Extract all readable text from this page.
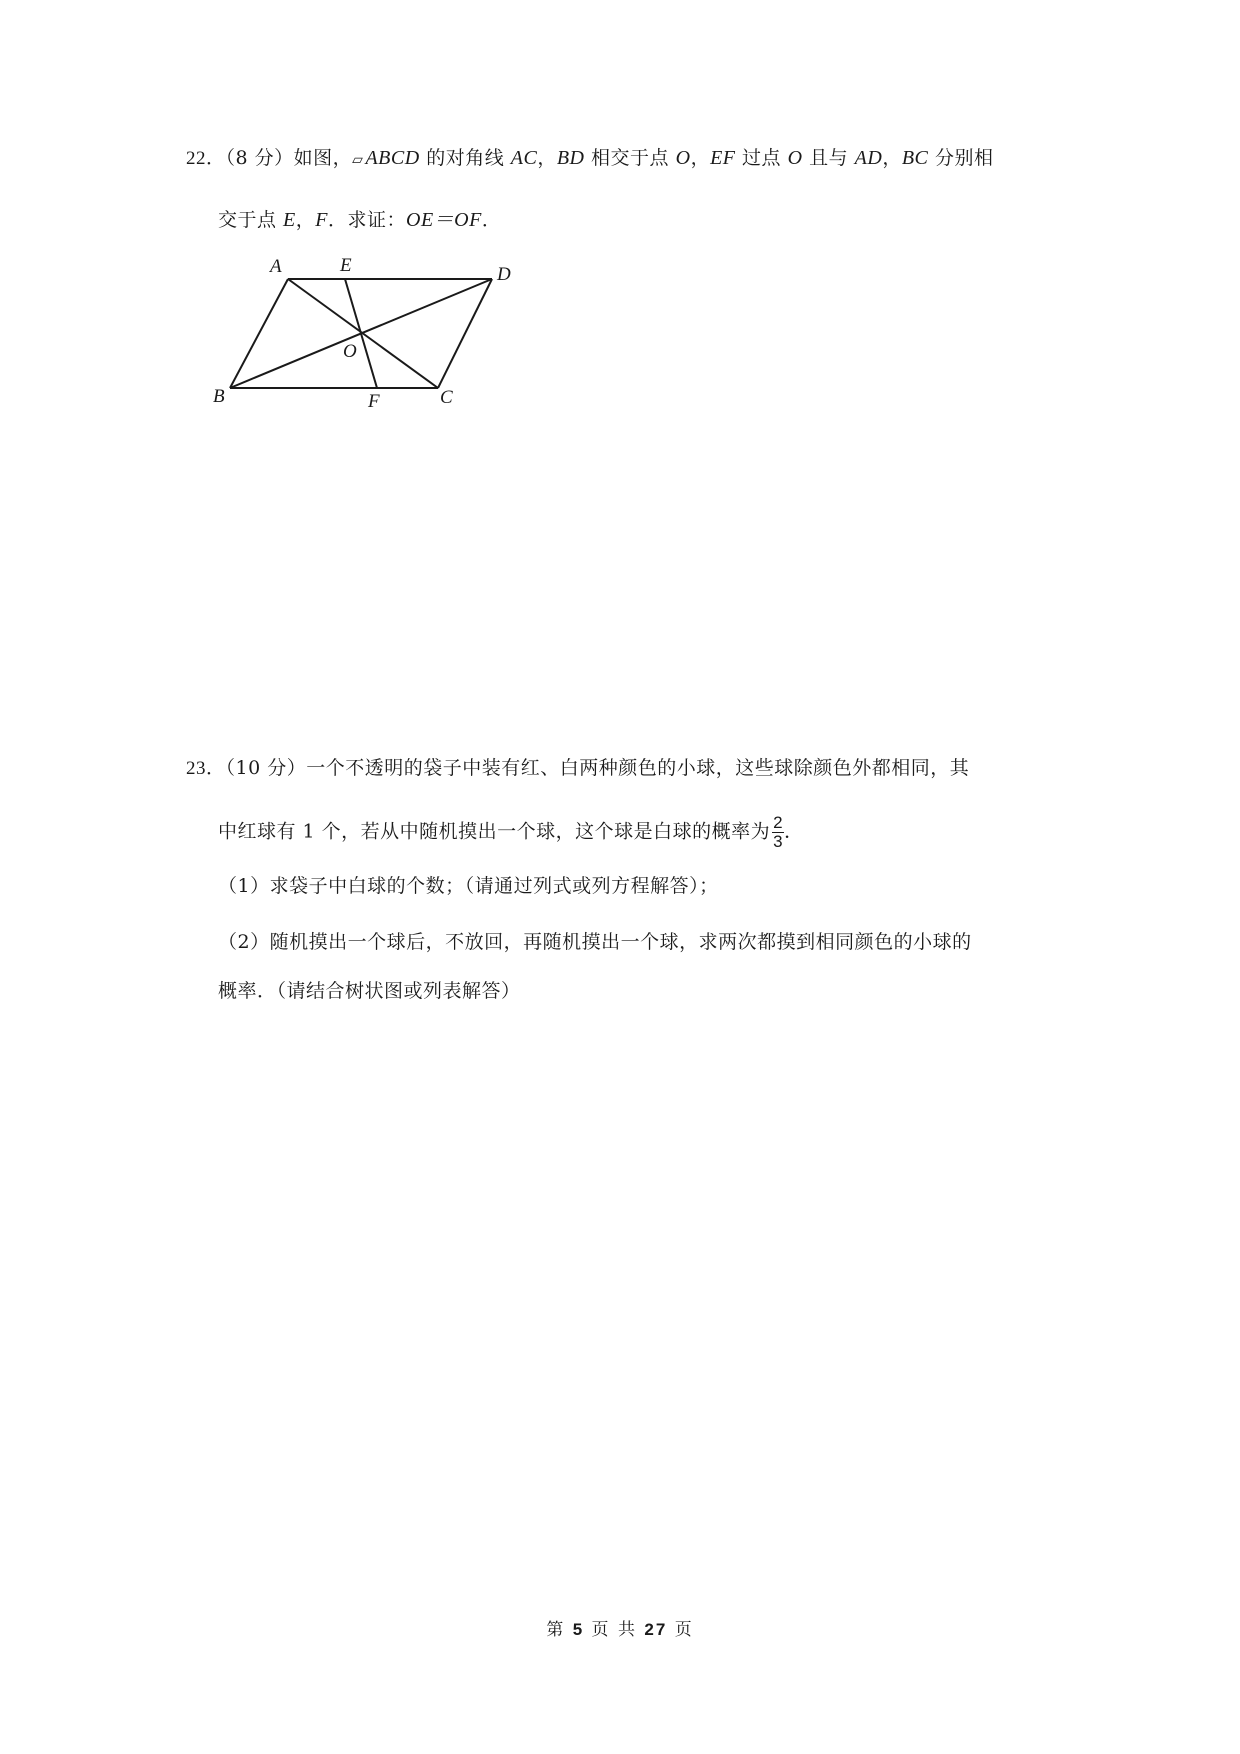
22．（8 分）如图，▱ ABCD 的对角线 AC，BD 相交于点 O，EF 过点 O 且与 AD，BC 分别相
交于点 E，F．求证：OE＝OF．
A	E	D
O
B	F	C
23．（10 分）一个不透明的袋子中装有红、白两种颜色的小球，这些球除颜色外都相同，其
中红球有 1 个，若从中随机摸出一个球，这个球是白球的概率为 $\frac{2}{3}$ ．
（1）求袋子中白球的个数；（请通过列式或列方程解答）；
（2）随机摸出一个球后，不放回，再随机摸出一个球，求两次都摸到相同颜色的小球的
概率．（请结合树状图或列表解答）
第 5 页 共 27 页
